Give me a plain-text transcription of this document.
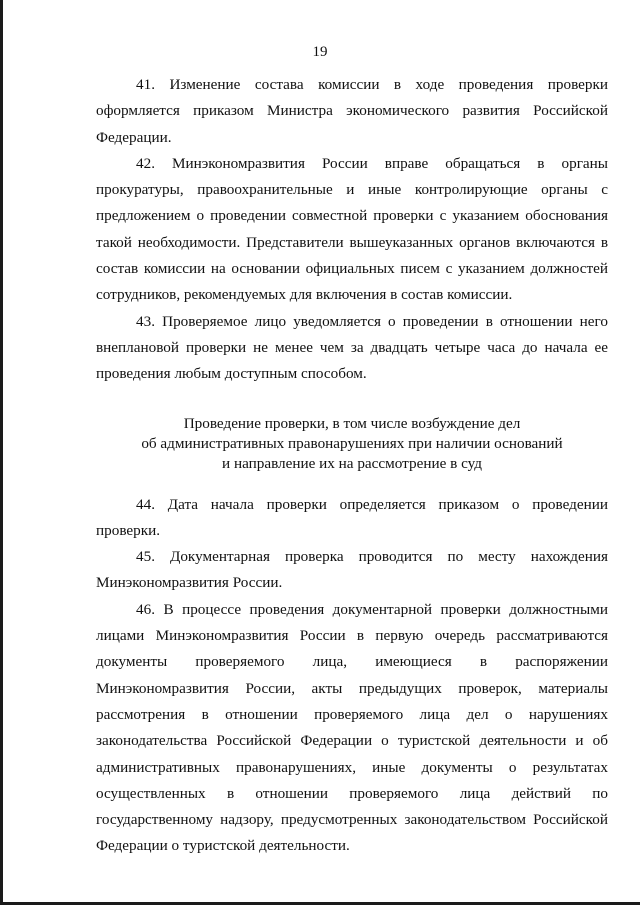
19

41. Изменение состава комиссии в ходе проведения проверки оформляется приказом Министра экономического развития Российской Федерации.

42. Минэкономразвития России вправе обращаться в органы прокуратуры, правоохранительные и иные контролирующие органы с предложением о проведении совместной проверки с указанием обоснования такой необходимости. Представители вышеуказанных органов включаются в состав комиссии на основании официальных писем с указанием должностей сотрудников, рекомендуемых для включения в состав комиссии.

43. Проверяемое лицо уведомляется о проведении в отношении него внеплановой проверки не менее чем за двадцать четыре часа до начала ее проведения любым доступным способом.

Проведение проверки, в том числе возбуждение дел
об административных правонарушениях при наличии оснований
и направление их на рассмотрение в суд

44. Дата начала проверки определяется приказом о проведении проверки.

45. Документарная проверка проводится по месту нахождения Минэкономразвития России.

46. В процессе проведения документарной проверки должностными лицами Минэкономразвития России в первую очередь рассматриваются документы проверяемого лица, имеющиеся в распоряжении Минэкономразвития России, акты предыдущих проверок, материалы рассмотрения в отношении проверяемого лица дел о нарушениях законодательства Российской Федерации о туристской деятельности и об административных правонарушениях, иные документы о результатах осуществленных в отношении проверяемого лица действий по государственному надзору, предусмотренных законодательством Российской Федерации о туристской деятельности.
